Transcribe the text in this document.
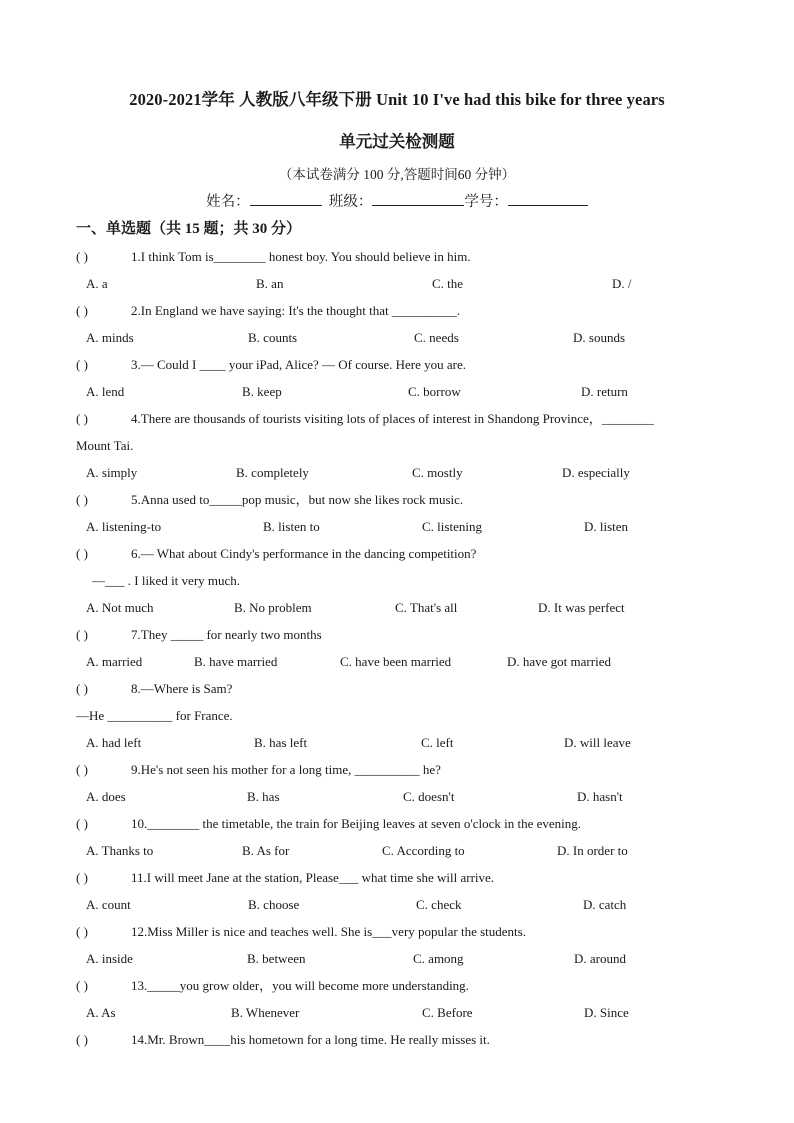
2020-2021学年 人教版八年级下册 Unit 10 I've had this bike for three years
单元过关检测题
（本试卷满分 100 分,答题时间60 分钟）
姓名：	班级：	学号：
一、单选题（共 15 题；共 30 分）
( )	1.I think Tom is________ honest boy. You should believe in him.
A. a	B. an	C. the	D. /
( )	2.In England we have saying: It's the thought that __________.
A. minds	B. counts	C. needs	D. sounds
( )	3.— Could I ____ your iPad, Alice? — Of course. Here you are.
A. lend	B. keep	C. borrow	D. return
( )	4.There are thousands of tourists visiting lots of places of interest in Shandong Province，________
Mount Tai.
A. simply	B. completely	C. mostly	D. especially
( )	5.Anna used to_____pop music，but now she likes rock music.
A. listening-to	B. listen to	C. listening	D. listen
( )	6.— What about Cindy's performance in the dancing competition?
—___ . I liked it very much.
A. Not much	B. No problem	C. That's all	D. It was perfect
( )	7.They _____ for nearly two months
A. married	B. have married	C. have been married	D. have got married
( )	8.—Where is Sam?
—He __________ for France.
A. had left	B. has left	C. left	D. will leave
( )	9.He's not seen his mother for a long time, __________ he?
A. does	B. has	C. doesn't	D. hasn't
( )	10.________ the timetable, the train for Beijing leaves at seven o'clock in the evening.
A. Thanks to	B. As for	C. According to	D. In order to
( )	11.I will meet Jane at the station, Please___ what time she will arrive.
A. count	B. choose	C. check	D. catch
( )	12.Miss Miller is nice and teaches well. She is___very popular the students.
A. inside	B. between	C. among	D. around
( )	13._____you grow older，you will become more understanding.
A. As	B. Whenever	C. Before	D. Since
( )	14.Mr. Brown____his hometown for a long time. He really misses it.
